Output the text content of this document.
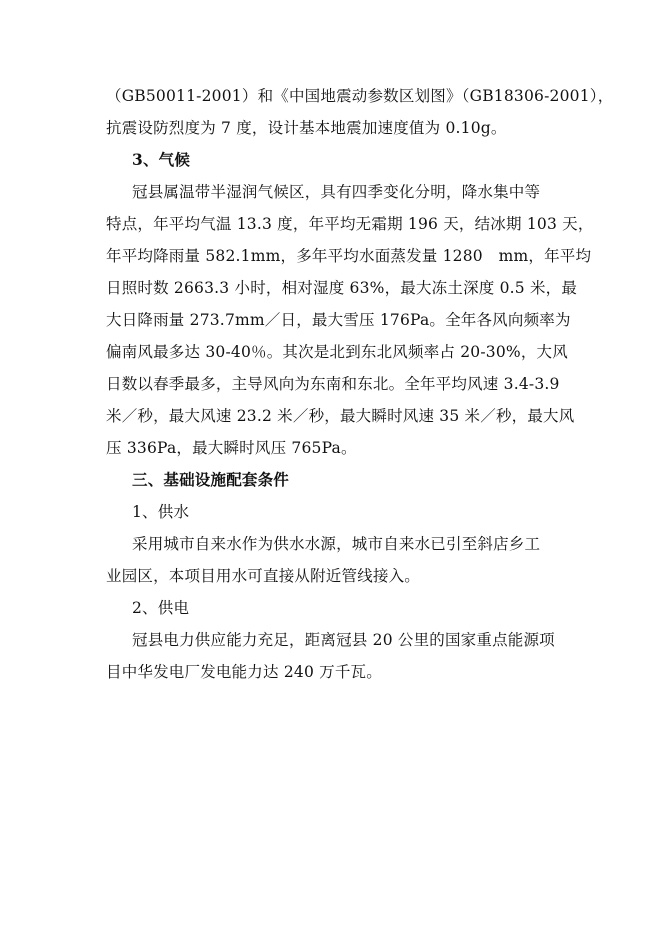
（GB50011-2001）和《中国地震动参数区划图》（GB18306-2001），
抗震设防烈度为 7 度，设计基本地震加速度值为 0.10g。
3、气候
冠县属温带半湿润气候区，具有四季变化分明，降水集中等
特点，年平均气温 13.3 度，年平均无霜期 196 天，结冰期 103 天，
年平均降雨量 582.1mm，多年平均水面蒸发量 1280　mm，年平均
日照时数 2663.3 小时，相对湿度 63%，最大冻土深度 0.5 米，最
大日降雨量 273.7mm／日，最大雪压 176Pa。全年各风向频率为
偏南风最多达 30-40％。其次是北到东北风频率占 20-30%，大风
日数以春季最多，主导风向为东南和东北。全年平均风速 3.4-3.9
米／秒，最大风速 23.2 米／秒，最大瞬时风速 35 米／秒，最大风
压 336Pa，最大瞬时风压 765Pa。
三、基础设施配套条件
1、供水
采用城市自来水作为供水水源，城市自来水已引至斜店乡工
业园区，本项目用水可直接从附近管线接入。
2、供电
冠县电力供应能力充足，距离冠县 20 公里的国家重点能源项
目中华发电厂发电能力达 240 万千瓦。
